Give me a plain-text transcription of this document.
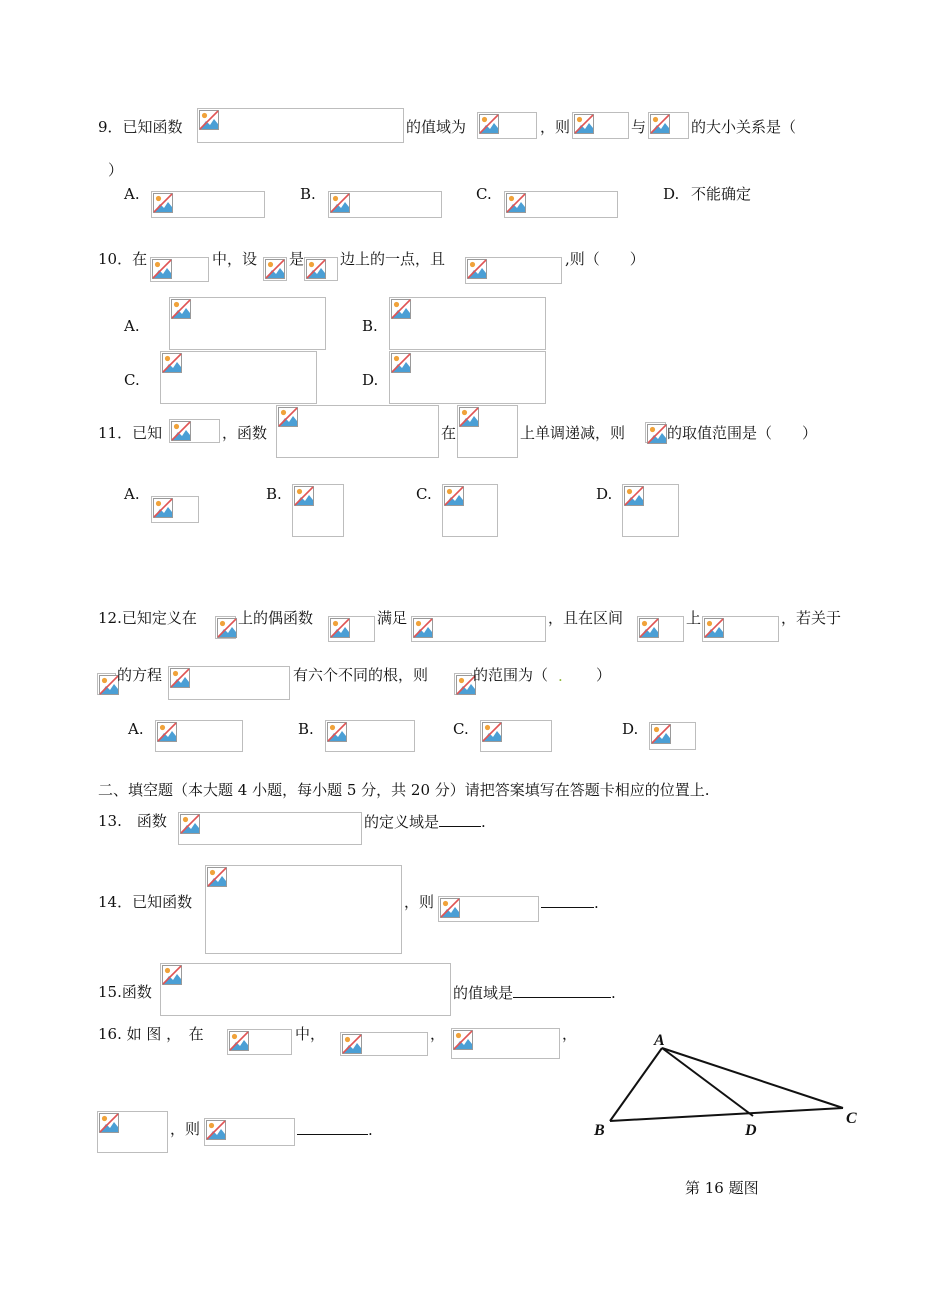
9．已知函数	的值域为	，则	与	的大小关系是（
）
A.	B.	C.	D. 不能确定
10．在	中，设 是 边上的一点，且	,则（　　）
A.	B.
C.	D.
11．已知	，函数	在	上单调递减，则	的取值范围是（　　）
A.	B.	C.	D.
12.已知定义在	上的偶函数	满足	，且在区间	上	，若关于
的方程	有六个不同的根，则	的范围为（ . 　　）
A.	B.	C.	D.
二、填空题（本大题 4 小题，每小题 5 分，共 20 分）请把答案填写在答题卡相应的位置上.
13.　函数	的定义域是	.
14．已知函数	，则	.
15.函数	的值域是	.
16. 如 图 ，　在	中，	，	，
，则	.
A
B
C
D
第 16 题图
